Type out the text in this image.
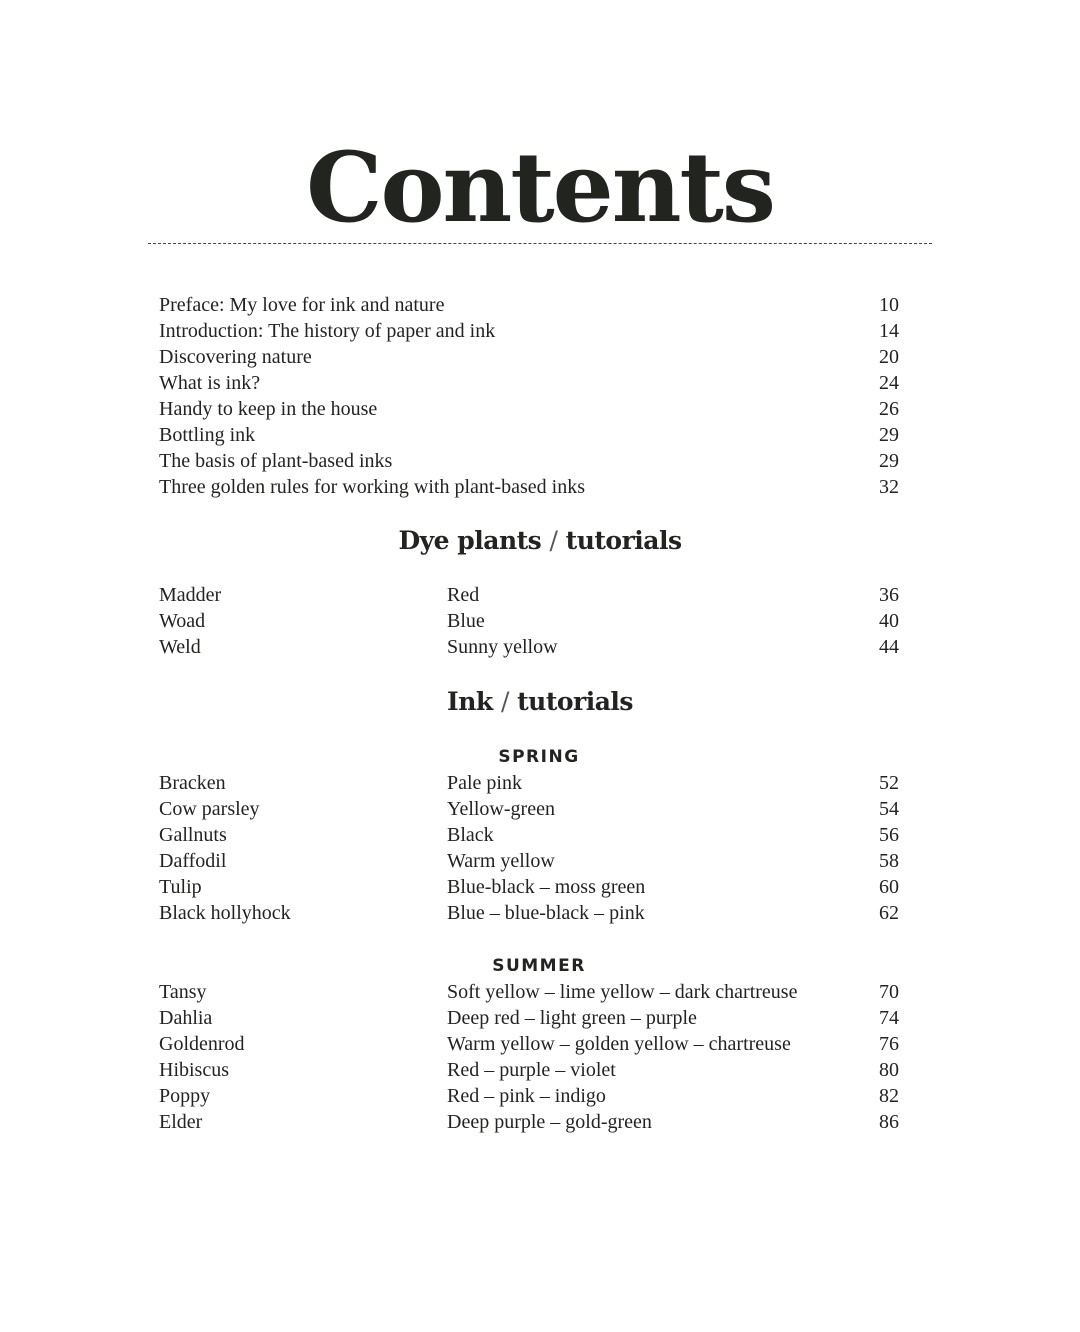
Contents
Preface: My love for ink and nature	10
Introduction: The history of paper and ink	14
Discovering nature	20
What is ink?	24
Handy to keep in the house	26
Bottling ink	29
The basis of plant-based inks	29
Three golden rules for working with plant-based inks	32
Dye plants / tutorials
Madder	Red	36
Woad	Blue	40
Weld	Sunny yellow	44
Ink / tutorials
SPRING
Bracken	Pale pink	52
Cow parsley	Yellow-green	54
Gallnuts	Black	56
Daffodil	Warm yellow	58
Tulip	Blue-black – moss green	60
Black hollyhock	Blue – blue-black – pink	62
SUMMER
Tansy	Soft yellow – lime yellow – dark chartreuse	70
Dahlia	Deep red – light green – purple	74
Goldenrod	Warm yellow – golden yellow – chartreuse	76
Hibiscus	Red – purple – violet	80
Poppy	Red – pink – indigo	82
Elder	Deep purple – gold-green	86
